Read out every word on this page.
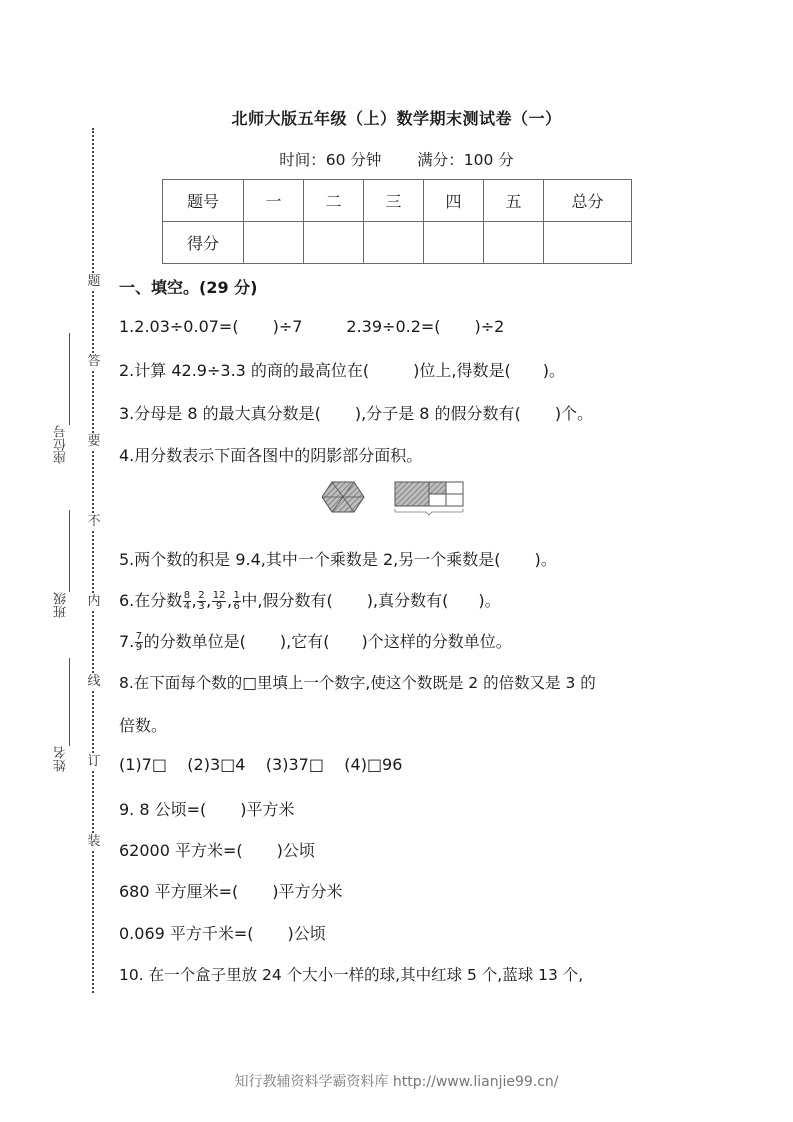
题
答
要
不
内
线
订
装
座位号
班级
姓名
北师大版五年级（上）数学期末测试卷（一）
时间：60 分钟 满分：100 分
题号	一	二	三	四	五	总分
得分						
一、填空。(29 分)
1.2.03÷0.07=( )÷7	2.39÷0.2=( )÷2
2.计算 42.9÷3.3 的商的最高位在(	)位上,得数是( )。
3.分母是 8 的最大真分数是( ),分子是 8 的假分数有( )个。
4.用分数表示下面各图中的阴影部分面积。
5.两个数的积是 9.4,其中一个乘数是 2,另一个乘数是( )。
6.在分数 $\frac{8}{4}$ , $\frac{2}{3}$ , $\frac{12}{9}$ , $\frac{1}{6}$ 中,假分数有( ),真分数有( )。
7. $\frac{7}{9}$ 的分数单位是( ),它有( )个这样的分数单位。
8.在下面每个数的□里填上一个数字,使这个数既是 2 的倍数又是 3 的
倍数。
(1)7□    (2)3□4    (3)37□    (4)□96
9. 8 公顷=( )平方米
62000 平方米=( )公顷
680 平方厘米=( )平方分米
0.069 平方千米=( )公顷
10. 在一个盒子里放 24 个大小一样的球,其中红球 5 个,蓝球 13 个,
知行教辅资料学霸资料库 http://www.lianjie99.cn/
